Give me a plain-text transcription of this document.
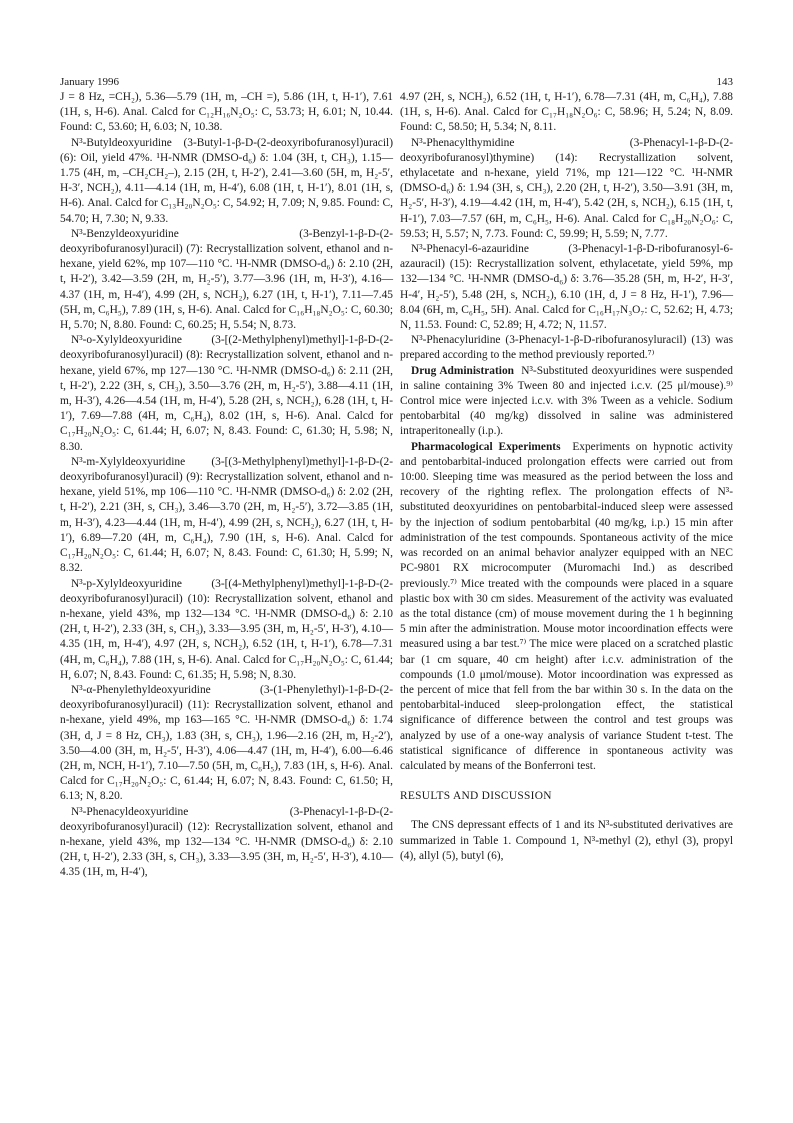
January 1996	143

J = 8 Hz, =CH₂), 5.36—5.79 (1H, m, –CH =), 5.86 (1H, t, H-1′), 7.61 (1H, s, H-6). Anal. Calcd for C₁₂H₁₆N₂O₅: C, 53.73; H, 6.01; N, 10.44. Found: C, 53.60; H, 6.03; N, 10.38.

N³-Butyldeoxyuridine (3-Butyl-1-β-D-(2-deoxyribofuranosyl)uracil) (6): Oil, yield 47%. ¹H-NMR (DMSO-d₆) δ: 1.04 (3H, t, CH₃), 1.15—1.75 (4H, m, –CH₂CH₂–), 2.15 (2H, t, H-2′), 2.41—3.60 (5H, m, H₂-5′, H-3′, NCH₂), 4.11—4.14 (1H, m, H-4′), 6.08 (1H, t, H-1′), 8.01 (1H, s, H-6). Anal. Calcd for C₁₃H₂₀N₂O₅: C, 54.92; H, 7.09; N, 9.85. Found: C, 54.70; H, 7.30; N, 9.33.

N³-Benzyldeoxyuridine (3-Benzyl-1-β-D-(2-deoxyribofuranosyl)uracil) (7): Recrystallization solvent, ethanol and n-hexane, yield 62%, mp 107—110 °C. ¹H-NMR (DMSO-d₆) δ: 2.10 (2H, t, H-2′), 3.42—3.59 (2H, m, H₂-5′), 3.77—3.96 (1H, m, H-3′), 4.16—4.37 (1H, m, H-4′), 4.99 (2H, s, NCH₂), 6.27 (1H, t, H-1′), 7.11—7.45 (5H, m, C₆H₅), 7.89 (1H, s, H-6). Anal. Calcd for C₁₆H₁₈N₂O₅: C, 60.30; H, 5.70; N, 8.80. Found: C, 60.25; H, 5.54; N, 8.73.

N³-o-Xylyldeoxyuridine (3-[(2-Methylphenyl)methyl]-1-β-D-(2-deoxyribofuranosyl)uracil) (8): Recrystallization solvent, ethanol and n-hexane, yield 67%, mp 127—130 °C. ¹H-NMR (DMSO-d₆) δ: 2.11 (2H, t, H-2′), 2.22 (3H, s, CH₃), 3.50—3.76 (2H, m, H₂-5′), 3.88—4.11 (1H, m, H-3′), 4.26—4.54 (1H, m, H-4′), 5.28 (2H, s, NCH₂), 6.28 (1H, t, H-1′), 7.69—7.88 (4H, m, C₆H₄), 8.02 (1H, s, H-6). Anal. Calcd for C₁₇H₂₀N₂O₅: C, 61.44; H, 6.07; N, 8.43. Found: C, 61.30; H, 5.98; N, 8.30.

N³-m-Xylyldeoxyuridine (3-[(3-Methylphenyl)methyl]-1-β-D-(2-deoxyribofuranosyl)uracil) (9): Recrystallization solvent, ethanol and n-hexane, yield 51%, mp 106—110 °C. ¹H-NMR (DMSO-d₆) δ: 2.02 (2H, t, H-2′), 2.21 (3H, s, CH₃), 3.46—3.70 (2H, m, H₂-5′), 3.72—3.85 (1H, m, H-3′), 4.23—4.44 (1H, m, H-4′), 4.99 (2H, s, NCH₂), 6.27 (1H, t, H-1′), 6.89—7.20 (4H, m, C₆H₄), 7.90 (1H, s, H-6). Anal. Calcd for C₁₇H₂₀N₂O₅: C, 61.44; H, 6.07; N, 8.43. Found: C, 61.30; H, 5.99; N, 8.32.

N³-p-Xylyldeoxyuridine (3-[(4-Methylphenyl)methyl]-1-β-D-(2-deoxyribofuranosyl)uracil) (10): Recrystallization solvent, ethanol and n-hexane, yield 43%, mp 132—134 °C. ¹H-NMR (DMSO-d₆) δ: 2.10 (2H, t, H-2′), 2.33 (3H, s, CH₃), 3.33—3.95 (3H, m, H₂-5′, H-3′), 4.10—4.35 (1H, m, H-4′), 4.97 (2H, s, NCH₂), 6.52 (1H, t, H-1′), 6.78—7.31 (4H, m, C₆H₄), 7.88 (1H, s, H-6). Anal. Calcd for C₁₇H₂₀N₂O₅: C, 61.44; H, 6.07; N, 8.43. Found: C, 61.35; H, 5.98; N, 8.30.

N³-α-Phenylethyldeoxyuridine (3-(1-Phenylethyl)-1-β-D-(2-deoxyribofuranosyl)uracil) (11): Recrystallization solvent, ethanol and n-hexane, yield 49%, mp 163—165 °C. ¹H-NMR (DMSO-d₆) δ: 1.74 (3H, d, J = 8 Hz, CH₃), 1.83 (3H, s, CH₃), 1.96—2.16 (2H, m, H₂-2′), 3.50—4.00 (3H, m, H₂-5′, H-3′), 4.06—4.47 (1H, m, H-4′), 6.00—6.46 (2H, m, NCH, H-1′), 7.10—7.50 (5H, m, C₆H₅), 7.83 (1H, s, H-6). Anal. Calcd for C₁₇H₂₀N₂O₅: C, 61.44; H, 6.07; N, 8.43. Found: C, 61.50; H, 6.13; N, 8.20.

N³-Phenacyldeoxyuridine (3-Phenacyl-1-β-D-(2-deoxyribofuranosyl)uracil) (12): Recrystallization solvent, ethanol and n-hexane, yield 43%, mp 132—134 °C. ¹H-NMR (DMSO-d₆) δ: 2.10 (2H, t, H-2′), 2.33 (3H, s, CH₃), 3.33—3.95 (3H, m, H₂-5′, H-3′), 4.10—4.35 (1H, m, H-4′),

4.97 (2H, s, NCH₂), 6.52 (1H, t, H-1′), 6.78—7.31 (4H, m, C₆H₄), 7.88 (1H, s, H-6). Anal. Calcd for C₁₇H₁₈N₂O₆: C, 58.96; H, 5.24; N, 8.09. Found: C, 58.50; H, 5.34; N, 8.11.

N³-Phenacylthymidine (3-Phenacyl-1-β-D-(2-deoxyribofuranosyl)thymine) (14): Recrystallization solvent, ethylacetate and n-hexane, yield 71%, mp 121—122 °C. ¹H-NMR (DMSO-d₆) δ: 1.94 (3H, s, CH₃), 2.20 (2H, t, H-2′), 3.50—3.91 (3H, m, H₂-5′, H-3′), 4.19—4.42 (1H, m, H-4′), 5.42 (2H, s, NCH₂), 6.15 (1H, t, H-1′), 7.03—7.57 (6H, m, C₆H₅, H-6). Anal. Calcd for C₁₈H₂₀N₂O₆: C, 59.53; H, 5.57; N, 7.73. Found: C, 59.99; H, 5.59; N, 7.77.

N³-Phenacyl-6-azauridine (3-Phenacyl-1-β-D-ribofuranosyl-6-azauracil) (15): Recrystallization solvent, ethylacetate, yield 59%, mp 132—134 °C. ¹H-NMR (DMSO-d₆) δ: 3.76—35.28 (5H, m, H-2′, H-3′, H-4′, H₂-5′), 5.48 (2H, s, NCH₂), 6.10 (1H, d, J = 8 Hz, H-1′), 7.96—8.04 (6H, m, C₆H₅, 5H). Anal. Calcd for C₁₆H₁₇N₃O₇: C, 52.62; H, 4.73; N, 11.53. Found: C, 52.89; H, 4.72; N, 11.57.

N³-Phenacyluridine (3-Phenacyl-1-β-D-ribofuranosyluracil) (13) was prepared according to the method previously reported.⁷⁾

Drug Administration N³-Substituted deoxyuridines were suspended in saline containing 3% Tween 80 and injected i.c.v. (25 μl/mouse).⁹⁾ Control mice were injected i.c.v. with 3% Tween as a vehicle. Sodium pentobarbital (40 mg/kg) dissolved in saline was administered intraperitoneally (i.p.).

Pharmacological Experiments Experiments on hypnotic activity and pentobarbital-induced prolongation effects were carried out from 10:00. Sleeping time was measured as the period between the loss and recovery of the righting reflex. The prolongation effects of N³-substituted deoxyuridines on pentobarbital-induced sleep were assessed by the injection of sodium pentobarbital (40 mg/kg, i.p.) 15 min after administration of the test compounds. Spontaneous activity of the mice was recorded on an animal behavior analyzer equipped with an NEC PC-9801 RX microcomputer (Muromachi Ind.) as described previously.⁷⁾ Mice treated with the compounds were placed in a square plastic box with 30 cm sides. Measurement of the activity was evaluated as the total distance (cm) of mouse movement during the 1 h beginning 5 min after the administration. Mouse motor incoordination effects were measured using a bar test.⁷⁾ The mice were placed on a scratched plastic bar (1 cm square, 40 cm height) after i.c.v. administration of the compounds (1.0 μmol/mouse). Motor incoordination was expressed as the percent of mice that fell from the bar within 30 s. In the data on the pentobarbital-induced sleep-prolongation effect, the statistical significance of difference between the control and test groups was analyzed by use of a one-way analysis of variance Student t-test. The statistical significance of difference in spontaneous activity was calculated by means of the Bonferroni test.

RESULTS AND DISCUSSION

The CNS depressant effects of 1 and its N³-substituted derivatives are summarized in Table 1. Compound 1, N³-methyl (2), ethyl (3), propyl (4), allyl (5), butyl (6),
